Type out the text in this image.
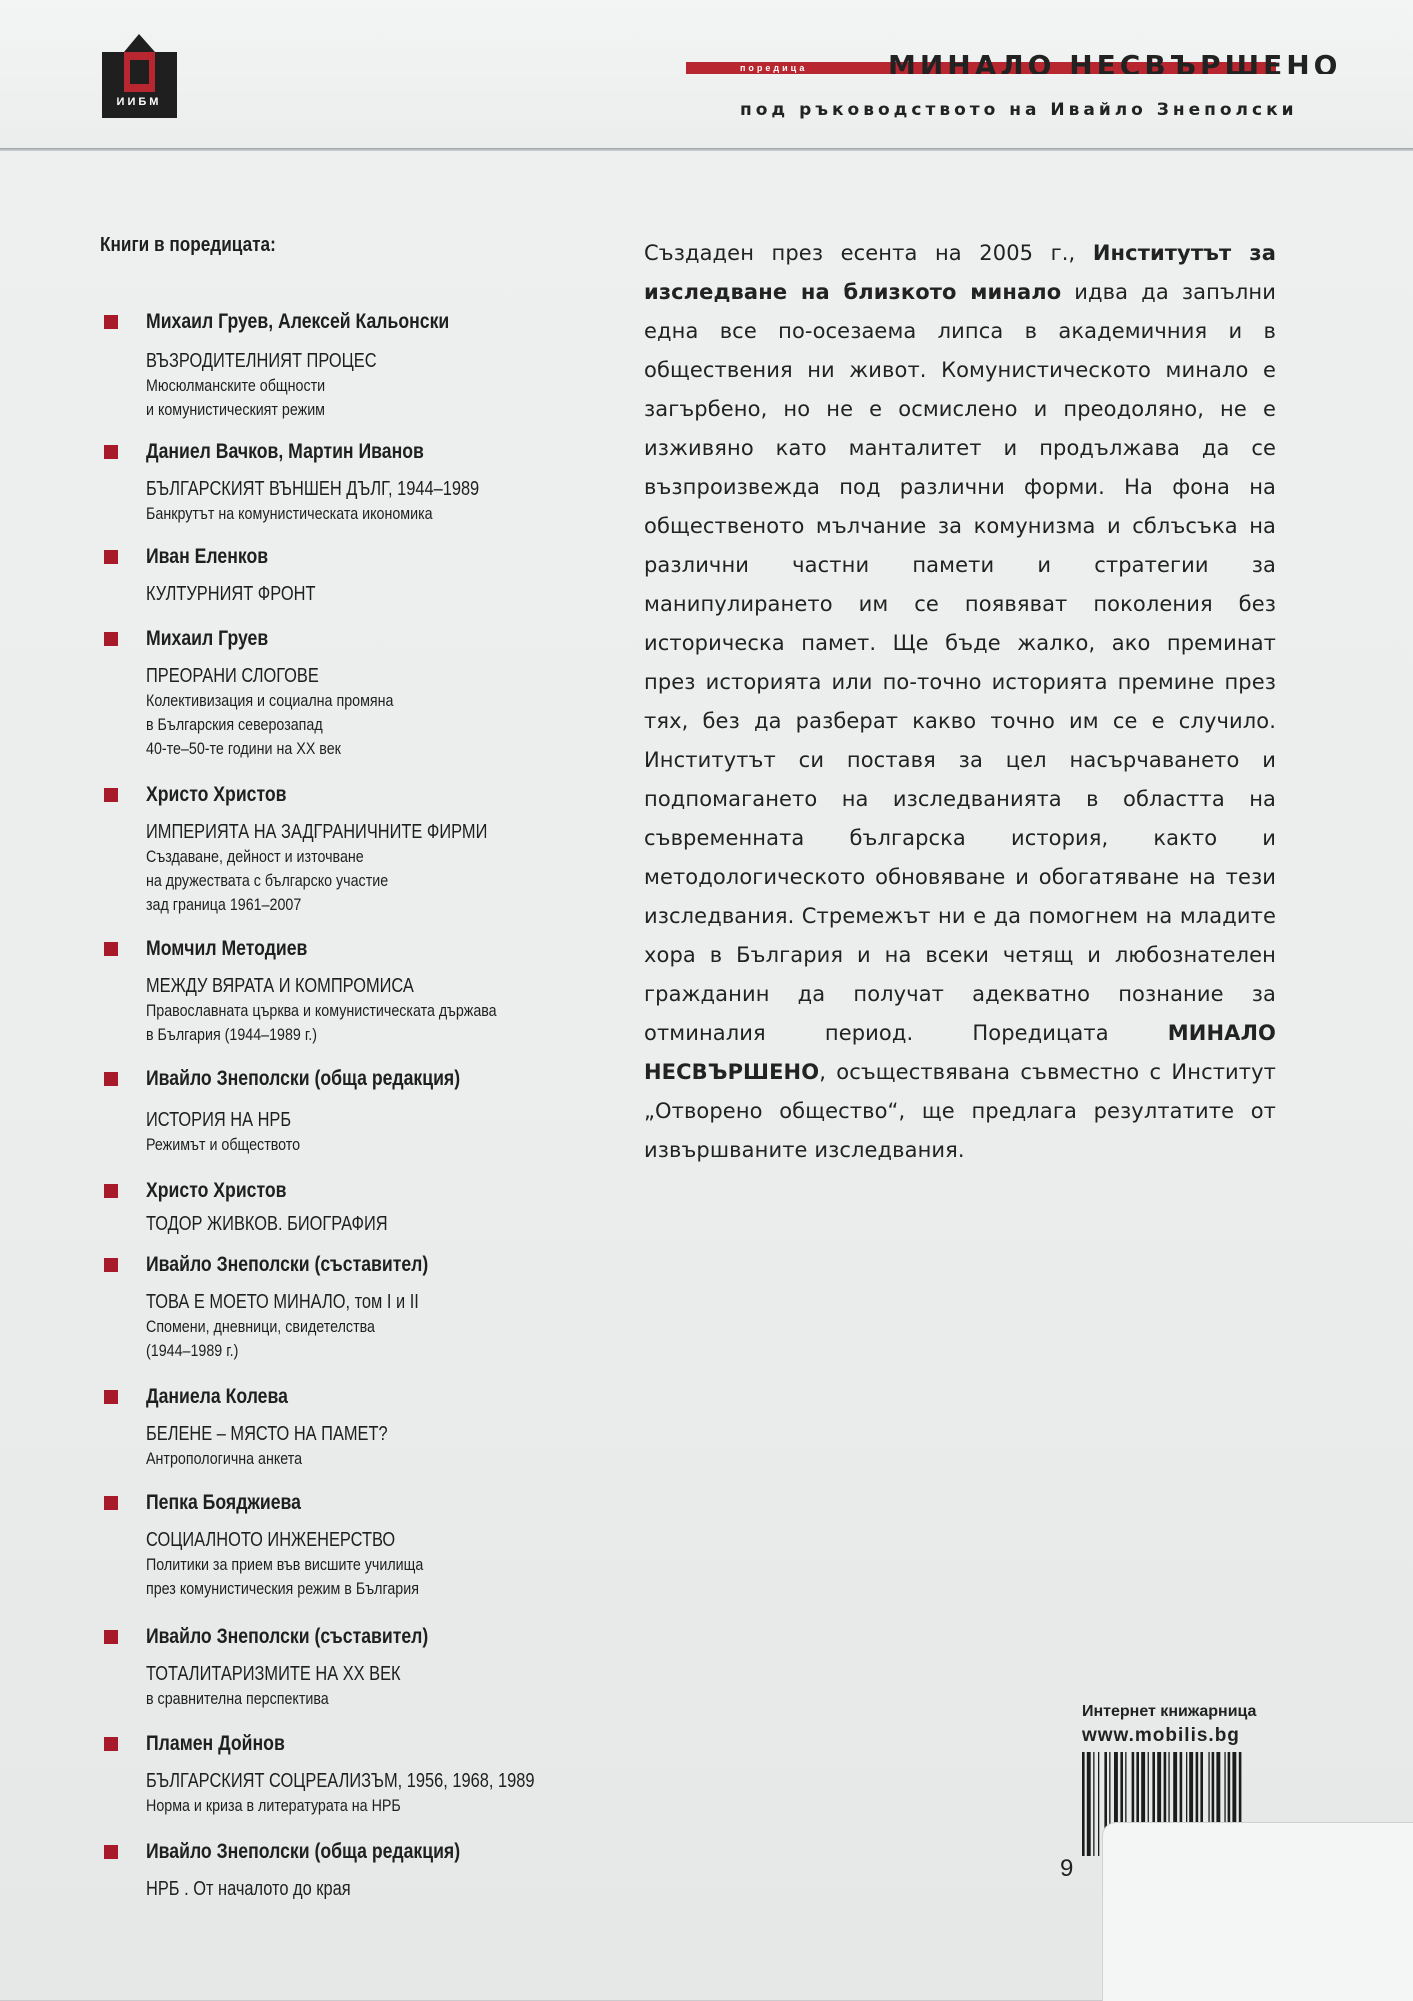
ИИБМ
поредица	МИНАЛО НЕСВЪРШЕНО
под ръководството на Ивайло Знеполски
Книги в поредицата:
Михаил Груев, Алексей Кальонски
ВЪЗРОДИТЕЛНИЯТ ПРОЦЕС
Мюсюлманските общности
и комунистическият режим
Даниел Вачков, Мартин Иванов
БЪЛГАРСКИЯТ ВЪНШЕН ДЪЛГ, 1944–1989
Банкрутът на комунистическата икономика
Иван Еленков
КУЛТУРНИЯТ ФРОНТ
Михаил Груев
ПРЕОРАНИ СЛОГОВЕ
Колективизация и социална промяна
в Българския северозапад
40-те–50-те години на XX век
Христо Христов
ИМПЕРИЯТА НА ЗАДГРАНИЧНИТЕ ФИРМИ
Създаване, дейност и източване
на дружествата с българско участие
зад граница 1961–2007
Момчил Методиев
МЕЖДУ ВЯРАТА И КОМПРОМИСА
Православната църква и комунистическата държава
в България (1944–1989 г.)
Ивайло Знеполски (обща редакция)
ИСТОРИЯ НА НРБ
Режимът и обществото
Христо Христов
ТОДОР ЖИВКОВ. БИОГРАФИЯ
Ивайло Знеполски (съставител)
ТОВА Е МОЕТО МИНАЛО, том I и II
Спомени, дневници, свидетелства
(1944–1989 г.)
Даниела Колева
БЕЛЕНЕ – МЯСТО НА ПАМЕТ?
Антропологична анкета
Пепка Бояджиева
СОЦИАЛНОТО ИНЖЕНЕРСТВО
Политики за прием във висшите училища
през комунистическия режим в България
Ивайло Знеполски (съставител)
ТОТАЛИТАРИЗМИТЕ НА XX ВЕК
в сравнителна перспектива
Пламен Дойнов
БЪЛГАРСКИЯТ СОЦРЕАЛИЗЪМ, 1956, 1968, 1989
Норма и криза в литературата на НРБ
Ивайло Знеполски (обща редакция)
НРБ . От началото до края
Създаден през есента на 2005 г., Институтът за изследване на близкото минало идва да запълни една все по-осезаема липса в академичния и в обществения ни живот. Комунистическото минало е загърбено, но не е осмислено и преодоляно, не е изживяно като манталитет и продължава да се възпроизвежда под различни форми. На фона на общественото мълчание за комунизма и сблъсъка на различни частни памети и стратегии за манипулирането им се появяват поколения без историческа памет. Ще бъде жалко, ако преминат през историята или по-точно историята премине през тях, без да разберат какво точно им се е случило. Институтът си поставя за цел насърчаването и подпомагането на изследванията в областта на съвременната българска история, както и методологическото обновяване и обогатяване на тези изследвания. Стремежът ни е да помогнем на младите хора в България и на всеки четящ и любознателен гражданин да получат адекватно познание за отминалия период. Поредицата МИНАЛО НЕСВЪРШЕНО, осъществявана съвместно с Институт „Отворено общество“, ще предлага резултатите от извършваните изследвания.
Интернет книжарница
www.mobilis.bg
9
